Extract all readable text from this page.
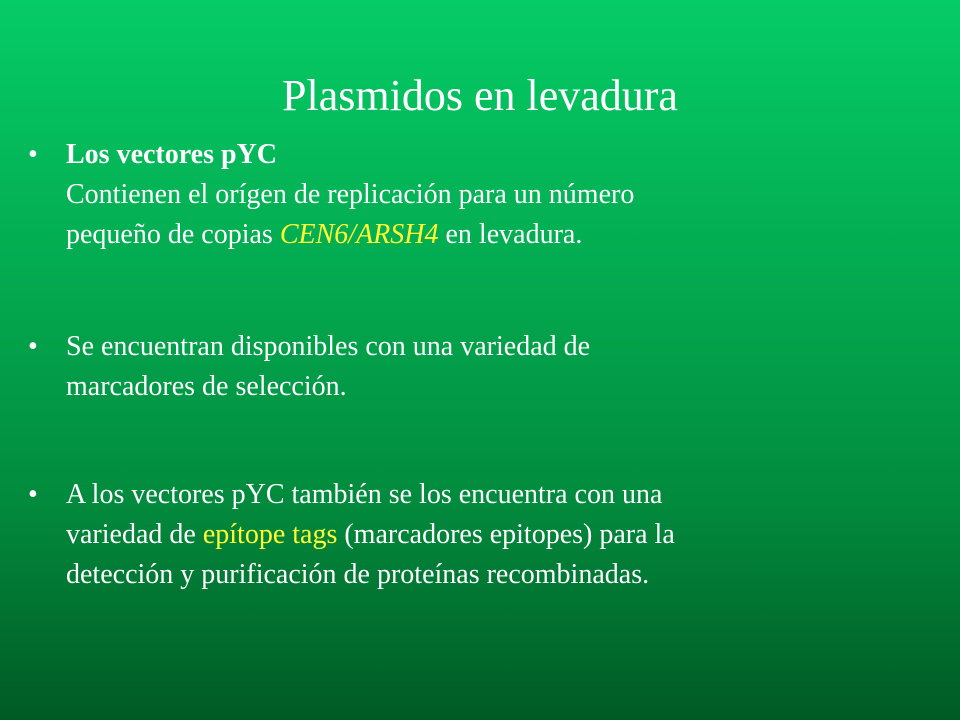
Plasmidos en levadura
•	Los vectores pYC
Contienen el orígen de replicación para un número
pequeño de copias CEN6/ARSH4 en levadura.
•	Se encuentran disponibles con una variedad de
marcadores de selección.
•	A los vectores pYC también se los encuentra con una
variedad de epítope tags (marcadores epitopes) para la
detección y purificación de proteínas recombinadas.
